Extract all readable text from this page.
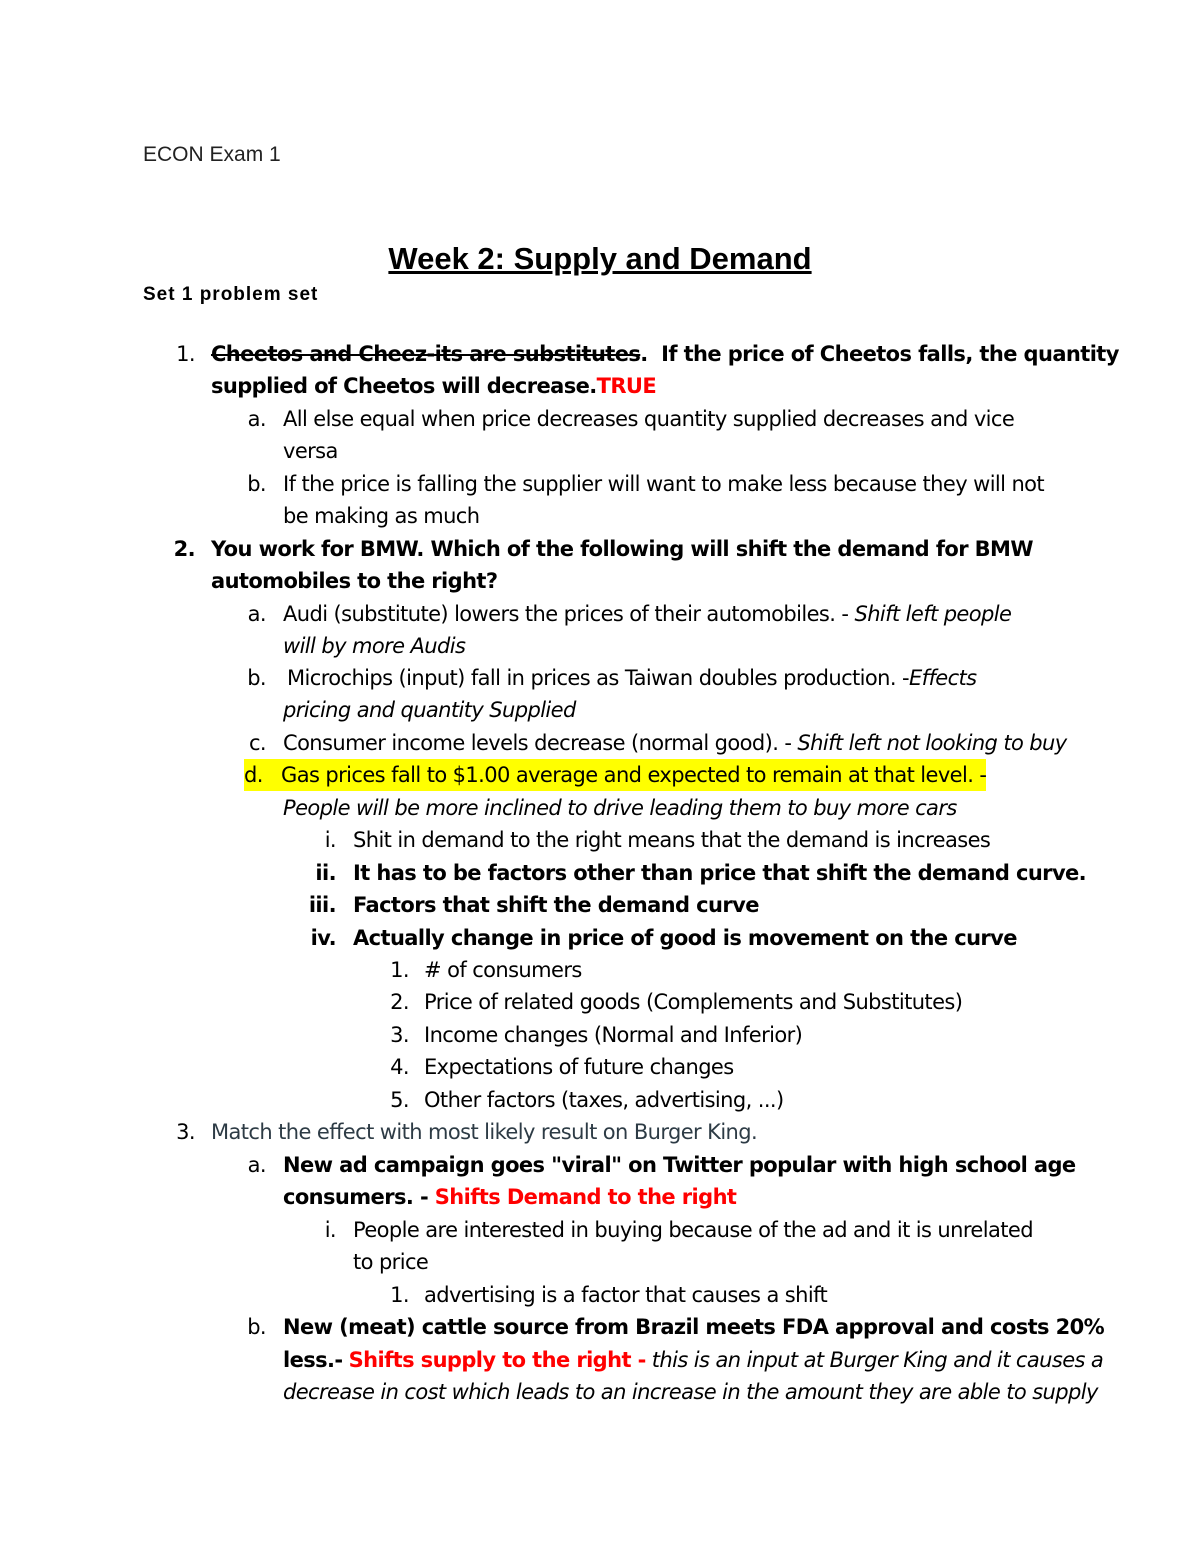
ECON Exam 1
Week 2: Supply and Demand
Set 1 problem set
1. Cheetos and Cheez-its are substitutes. If the price of Cheetos falls, the quantity
supplied of Cheetos will decrease.TRUE
a. All else equal when price decreases quantity supplied decreases and vice
versa
b. If the price is falling the supplier will want to make less because they will not
be making as much
2. You work for BMW. Which of the following will shift the demand for BMW
automobiles to the right?
a. Audi (substitute) lowers the prices of their automobiles. - Shift left people
will by more Audis
b. Microchips (input) fall in prices as Taiwan doubles production. -Effects
pricing and quantity Supplied
c. Consumer income levels decrease (normal good). - Shift left not looking to buy
d.   Gas prices fall to $1.00 average and expected to remain at that level. -
People will be more inclined to drive leading them to buy more cars
i. Shit in demand to the right means that the demand is increases
ii. It has to be factors other than price that shift the demand curve.
iii. Factors that shift the demand curve
iv. Actually change in price of good is movement on the curve
1. # of consumers
2. Price of related goods (Complements and Substitutes)
3. Income changes (Normal and Inferior)
4. Expectations of future changes
5. Other factors (taxes, advertising, ...)
3. Match the effect with most likely result on Burger King.
a. New ad campaign goes "viral" on Twitter popular with high school age
consumers. - Shifts Demand to the right
i. People are interested in buying because of the ad and it is unrelated
to price
1. advertising is a factor that causes a shift
b. New (meat) cattle source from Brazil meets FDA approval and costs 20%
less.- Shifts supply to the right - this is an input at Burger King and it causes a
decrease in cost which leads to an increase in the amount they are able to supply
